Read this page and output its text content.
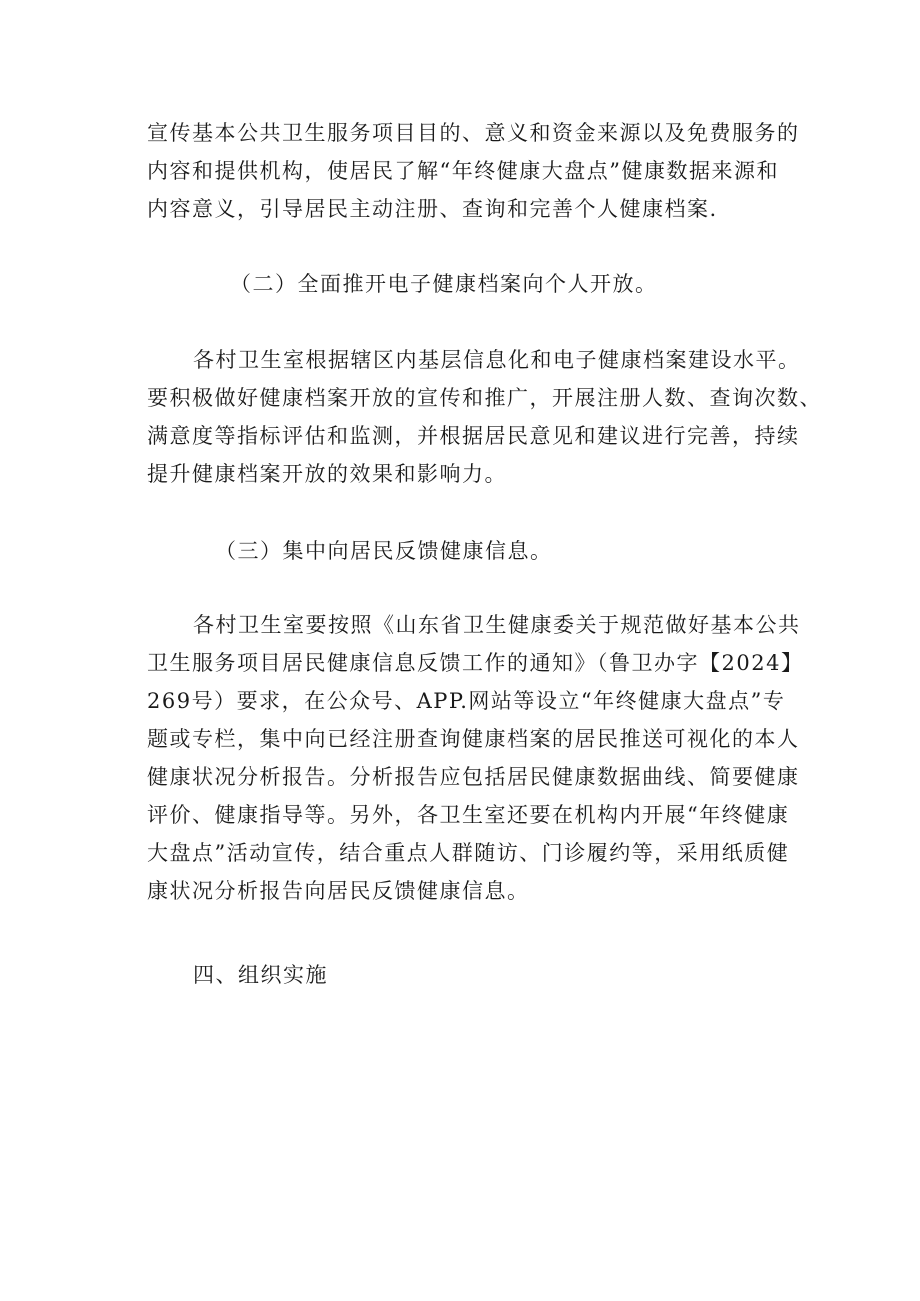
宣传基本公共卫生服务项目目的、意义和资金来源以及免费服务的
内容和提供机构，使居民了解“年终健康大盘点”健康数据来源和
内容意义，引导居民主动注册、查询和完善个人健康档案.
（二）全面推开电子健康档案向个人开放。
各村卫生室根据辖区内基层信息化和电子健康档案建设水平。
要积极做好健康档案开放的宣传和推广，开展注册人数、查询次数、
满意度等指标评估和监测，并根据居民意见和建议进行完善，持续
提升健康档案开放的效果和影响力。
（三）集中向居民反馈健康信息。
各村卫生室要按照《山东省卫生健康委关于规范做好基本公共
卫生服务项目居民健康信息反馈工作的通知》（鲁卫办字【2024】
269号）要求，在公众号、APP.网站等设立“年终健康大盘点”专
题或专栏，集中向已经注册查询健康档案的居民推送可视化的本人
健康状况分析报告。分析报告应包括居民健康数据曲线、简要健康
评价、健康指导等。另外，各卫生室还要在机构内开展“年终健康
大盘点”活动宣传，结合重点人群随访、门诊履约等，采用纸质健
康状况分析报告向居民反馈健康信息。
四、组织实施
